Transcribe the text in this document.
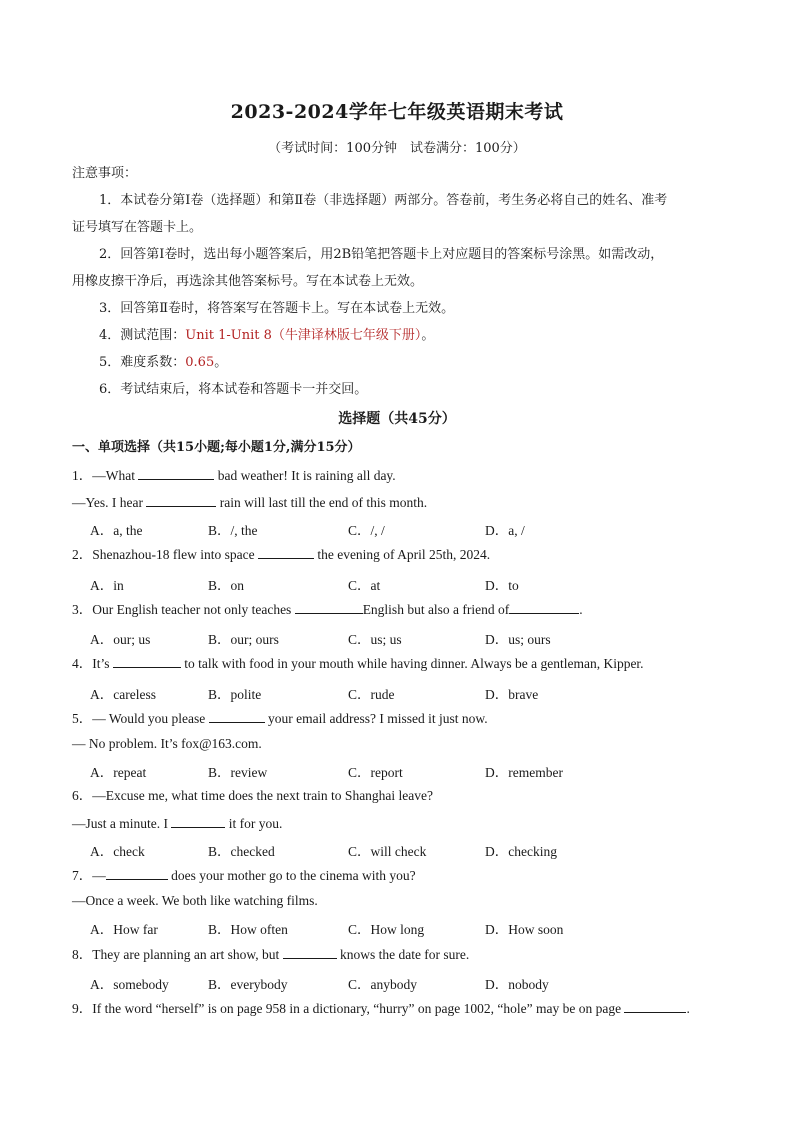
2023-2024学年七年级英语期末考试
（考试时间：100分钟　试卷满分：100分）
注意事项：
1．本试卷分第Ⅰ卷（选择题）和第Ⅱ卷（非选择题）两部分。答卷前，考生务必将自己的姓名、准考
证号填写在答题卡上。
2．回答第Ⅰ卷时，选出每小题答案后，用2B铅笔把答题卡上对应题目的答案标号涂黑。如需改动，
用橡皮擦干净后，再选涂其他答案标号。写在本试卷上无效。
3．回答第Ⅱ卷时，将答案写在答题卡上。写在本试卷上无效。
4．测试范围：Unit 1-Unit 8（牛津译林版七年级下册）。
5．难度系数：0.65。
6．考试结束后，将本试卷和答题卡一并交回。
选择题（共45分）
一、单项选择（共15小题;每小题1分,满分15分）
1．—What	bad weather! It is raining all day.
—Yes. I hear	rain will last till the end of this month.
A．a, the	B．/, the	C．/, /	D．a, /
2．Shenazhou-18 flew into space	the evening of April 25th, 2024.
A．in	B．on	C．at	D．to
3．Our English teacher not only teaches	English but also a friend of	.
A．our; us	B．our; ours	C．us; us	D．us; ours
4．It’s	to talk with food in your mouth while having dinner. Always be a gentleman, Kipper.
A．careless	B．polite	C．rude	D．brave
5．— Would you please	your email address? I missed it just now.
— No problem. It’s fox@163.com.
A．repeat	B．review	C．report	D．remember
6．—Excuse me, what time does the next train to Shanghai leave?
—Just a minute. I	it for you.
A．check	B．checked	C．will check	D．checking
7．—	does your mother go to the cinema with you?
—Once a week. We both like watching films.
A．How far	B．How often	C．How long	D．How soon
8．They are planning an art show, but	knows the date for sure.
A．somebody	B．everybody	C．anybody	D．nobody
9．If the word “herself” is on page 958 in a dictionary, “hurry” on page 1002, “hole” may be on page	.
